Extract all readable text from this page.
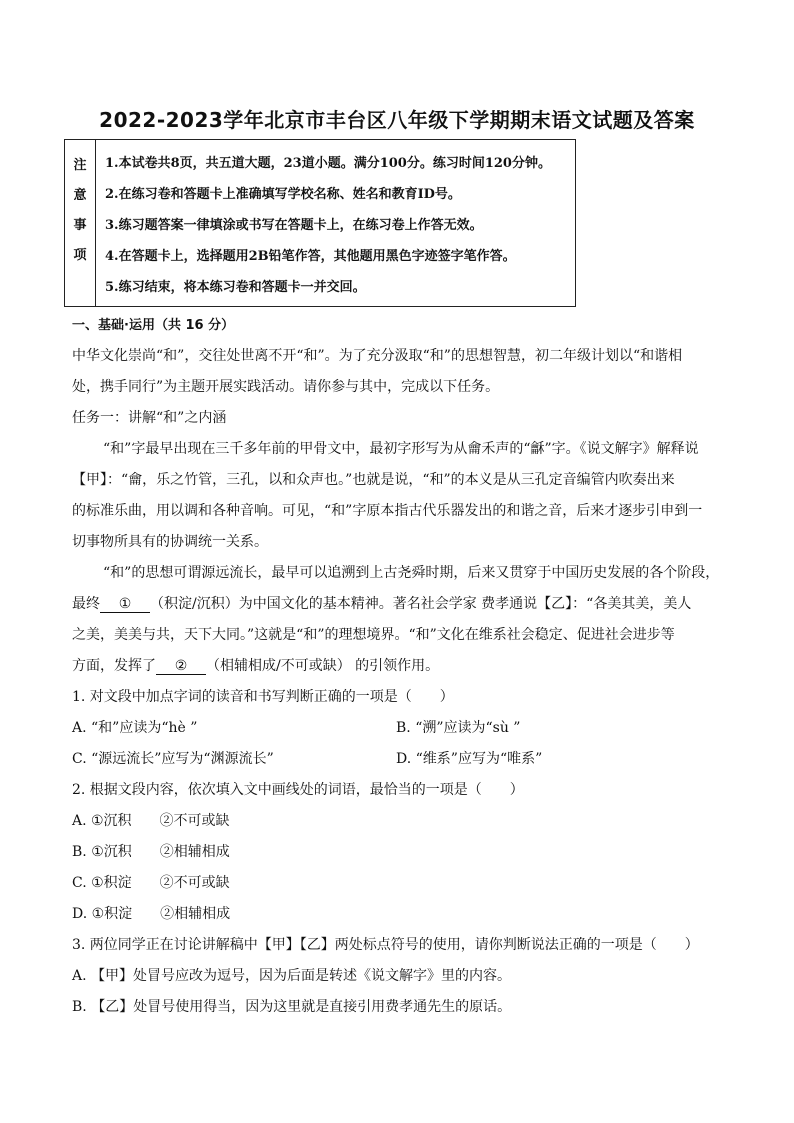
2022-2023学年北京市丰台区八年级下学期期末语文试题及答案
注
意
事
项
1.本试卷共8页，共五道大题，23道小题。满分100分。练习时间120分钟。
2.在练习卷和答题卡上准确填写学校名称、姓名和教育ID号。
3.练习题答案一律填涂或书写在答题卡上，在练习卷上作答无效。
4.在答题卡上，选择题用2B铅笔作答，其他题用黑色字迹签字笔作答。
5.练习结束，将本练习卷和答题卡一并交回。
一、基础·运用（共 16 分）
中华文化崇尚“和”，交往处世离不开“和”。为了充分汲取“和”的思想智慧，初二年级计划以“和谐相
处，携手同行”为主题开展实践活动。请你参与其中，完成以下任务。
任务一：讲解“和”之内涵
“和”字最早出现在三千多年前的甲骨文中，最初字形写为从龠禾声的“龢”字。《说文解字》解释说
【甲】：“龠，乐之竹管，三孔，以和众声也。”也就是说，“和”的本义是从三孔定音编管内吹奏出来
的标准乐曲，用以调和各种音响。可见，“和”字原本指古代乐器发出的和谐之音，后来才逐步引申到一
切事物所具有的协调统一关系。
“和”的思想可谓源远流长，最早可以追溯到上古尧舜时期，后来又贯穿于中国历史发展的各个阶段，
最终 ① （积淀/沉积）为中国文化的基本精神。著名社会学家 费孝通说【乙】：“各美其美，美人
之美，美美与共，天下大同。”这就是“和”的理想境界。“和”文化在维系社会稳定、促进社会进步等
方面，发挥了 ② （相辅相成/不可或缺） 的引领作用。
1. 对文段中加点字词的读音和书写判断正确的一项是（　　）
A. “和”应读为“hè ”	B. “溯”应读为“sù ”
C. “源远流长”应写为“渊源流长”	D. “维系”应写为“唯系”
2. 根据文段内容，依次填入文中画线处的词语，最恰当的一项是（　　）
A. ①沉积　　②不可或缺
B. ①沉积　　②相辅相成
C. ①积淀　　②不可或缺
D. ①积淀　　②相辅相成
3. 两位同学正在讨论讲解稿中【甲】【乙】两处标点符号的使用，请你判断说法正确的一项是（　　）
A. 【甲】处冒号应改为逗号，因为后面是转述《说文解字》里的内容。
B. 【乙】处冒号使用得当，因为这里就是直接引用费孝通先生的原话。
